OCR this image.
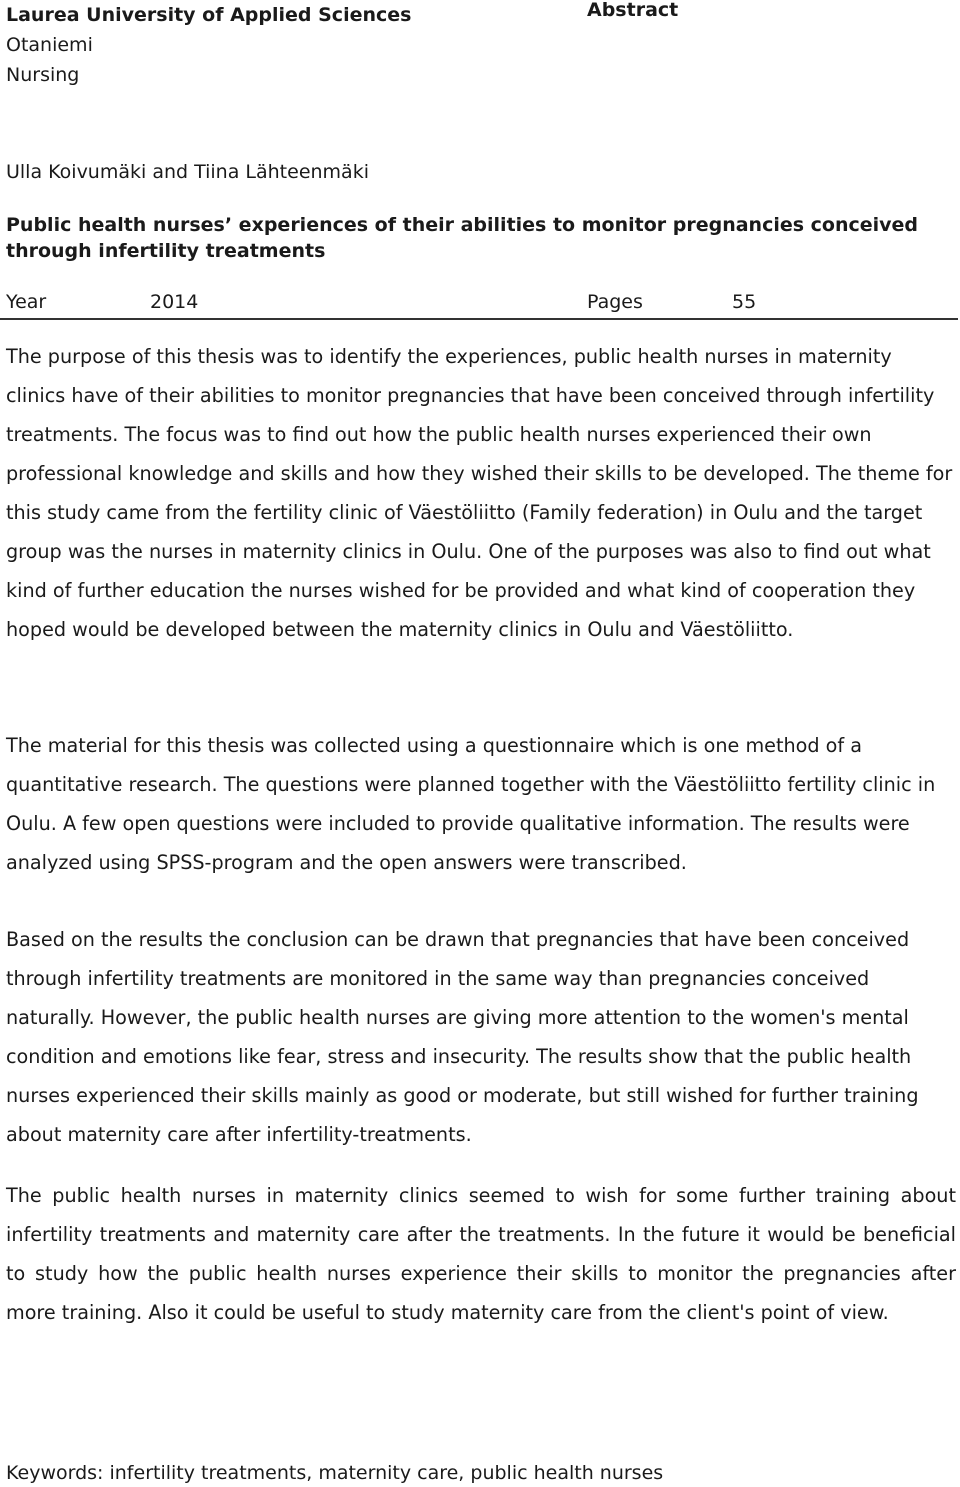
Laurea University of Applied Sciences
Otaniemi
Nursing
Abstract
Ulla Koivumäki and Tiina Lähteenmäki
Public health nurses’ experiences of their abilities to monitor pregnancies conceived through infertility treatments
Year	2014	Pages	55

The purpose of this thesis was to identify the experiences, public health nurses in maternity clinics have of their abilities to monitor pregnancies that have been conceived through infertility treatments. The focus was to find out how the public health nurses experienced their own professional knowledge and skills and how they wished their skills to be developed. The theme for this study came from the fertility clinic of Väestöliitto (Family federation) in Oulu and the target group was the nurses in maternity clinics in Oulu. One of the purposes was also to find out what kind of further education the nurses wished for be provided and what kind of cooperation they hoped would be developed between the maternity clinics in Oulu and Väestöliitto.

The material for this thesis was collected using a questionnaire which is one method of a quantitative research. The questions were planned together with the Väestöliitto fertility clinic in Oulu. A few open questions were included to provide qualitative information. The results were analyzed using SPSS-program and the open answers were transcribed.

Based on the results the conclusion can be drawn that pregnancies that have been conceived through infertility treatments are monitored in the same way than pregnancies conceived naturally. However, the public health nurses are giving more attention to the women's mental condition and emotions like fear, stress and insecurity. The results show that the public health nurses experienced their skills mainly as good or moderate, but still wished for further training about maternity care after infertility-treatments.

The public health nurses in maternity clinics seemed to wish for some further training about infertility treatments and maternity care after the treatments. In the future it would be beneficial to study how the public health nurses experience their skills to monitor the pregnancies after more training. Also it could be useful to study maternity care from the client's point of view.

Keywords: infertility treatments, maternity care, public health nurses
